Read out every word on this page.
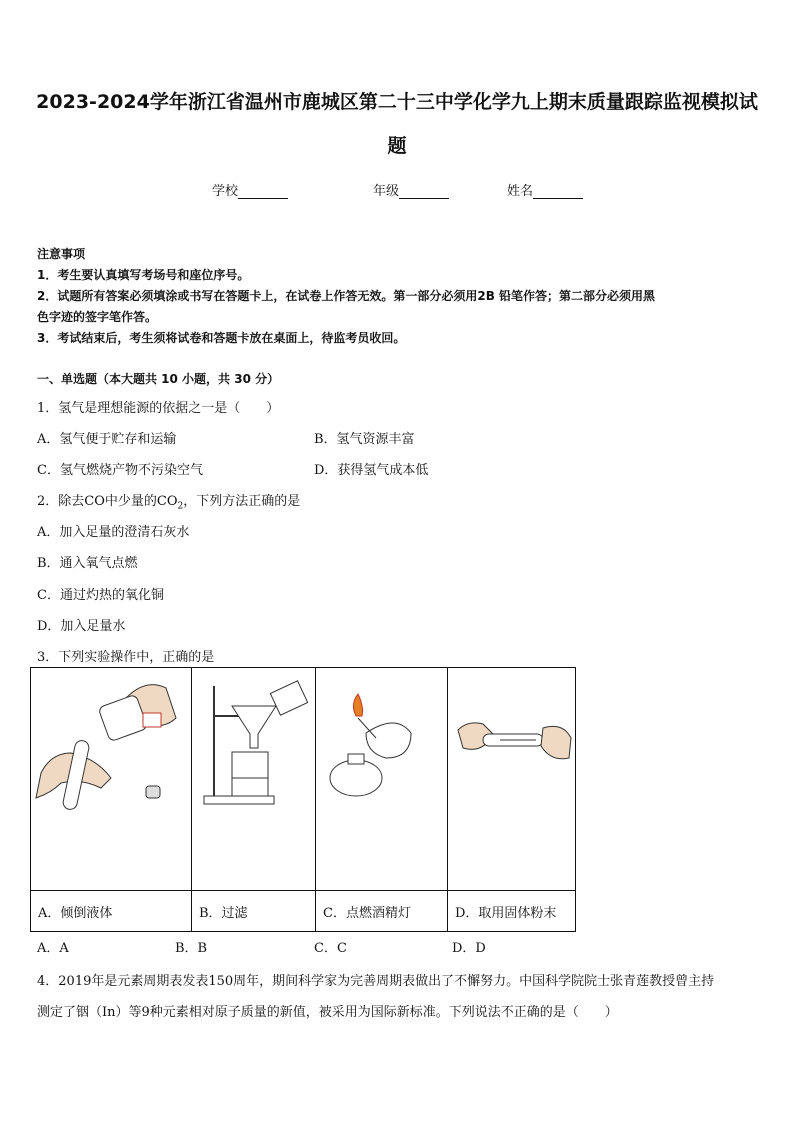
2023-2024学年浙江省温州市鹿城区第二十三中学化学九上期末质量跟踪监视模拟试
题
学校	年级	姓名
注意事项
1．考生要认真填写考场号和座位序号。
2．试题所有答案必须填涂或书写在答题卡上，在试卷上作答无效。第一部分必须用2B 铅笔作答；第二部分必须用黑
色字迹的签字笔作答。
3．考试结束后，考生须将试卷和答题卡放在桌面上，待监考员收回。
一、单选题（本大题共 10 小题，共 30 分）
1．氢气是理想能源的依据之一是（　　）
A．氢气便于贮存和运输	B．氢气资源丰富
C．氢气燃烧产物不污染空气	D．获得氢气成本低
2．除去CO中少量的$CO_2$，下列方法正确的是
A．加入足量的澄清石灰水
B．通入氧气点燃
C．通过灼热的氧化铜
D．加入足量水
3．下列实验操作中，正确的是

A．倾倒液体	B．过滤	C．点燃酒精灯	D．取用固体粉末
A．A	B．B	C．C	D．D
4．2019年是元素周期表发表150周年，期间科学家为完善周期表做出了不懈努力。中国科学院院士张青莲教授曾主持
测定了铟（In）等9种元素相对原子质量的新值，被采用为国际新标准。下列说法不正确的是（　　）
